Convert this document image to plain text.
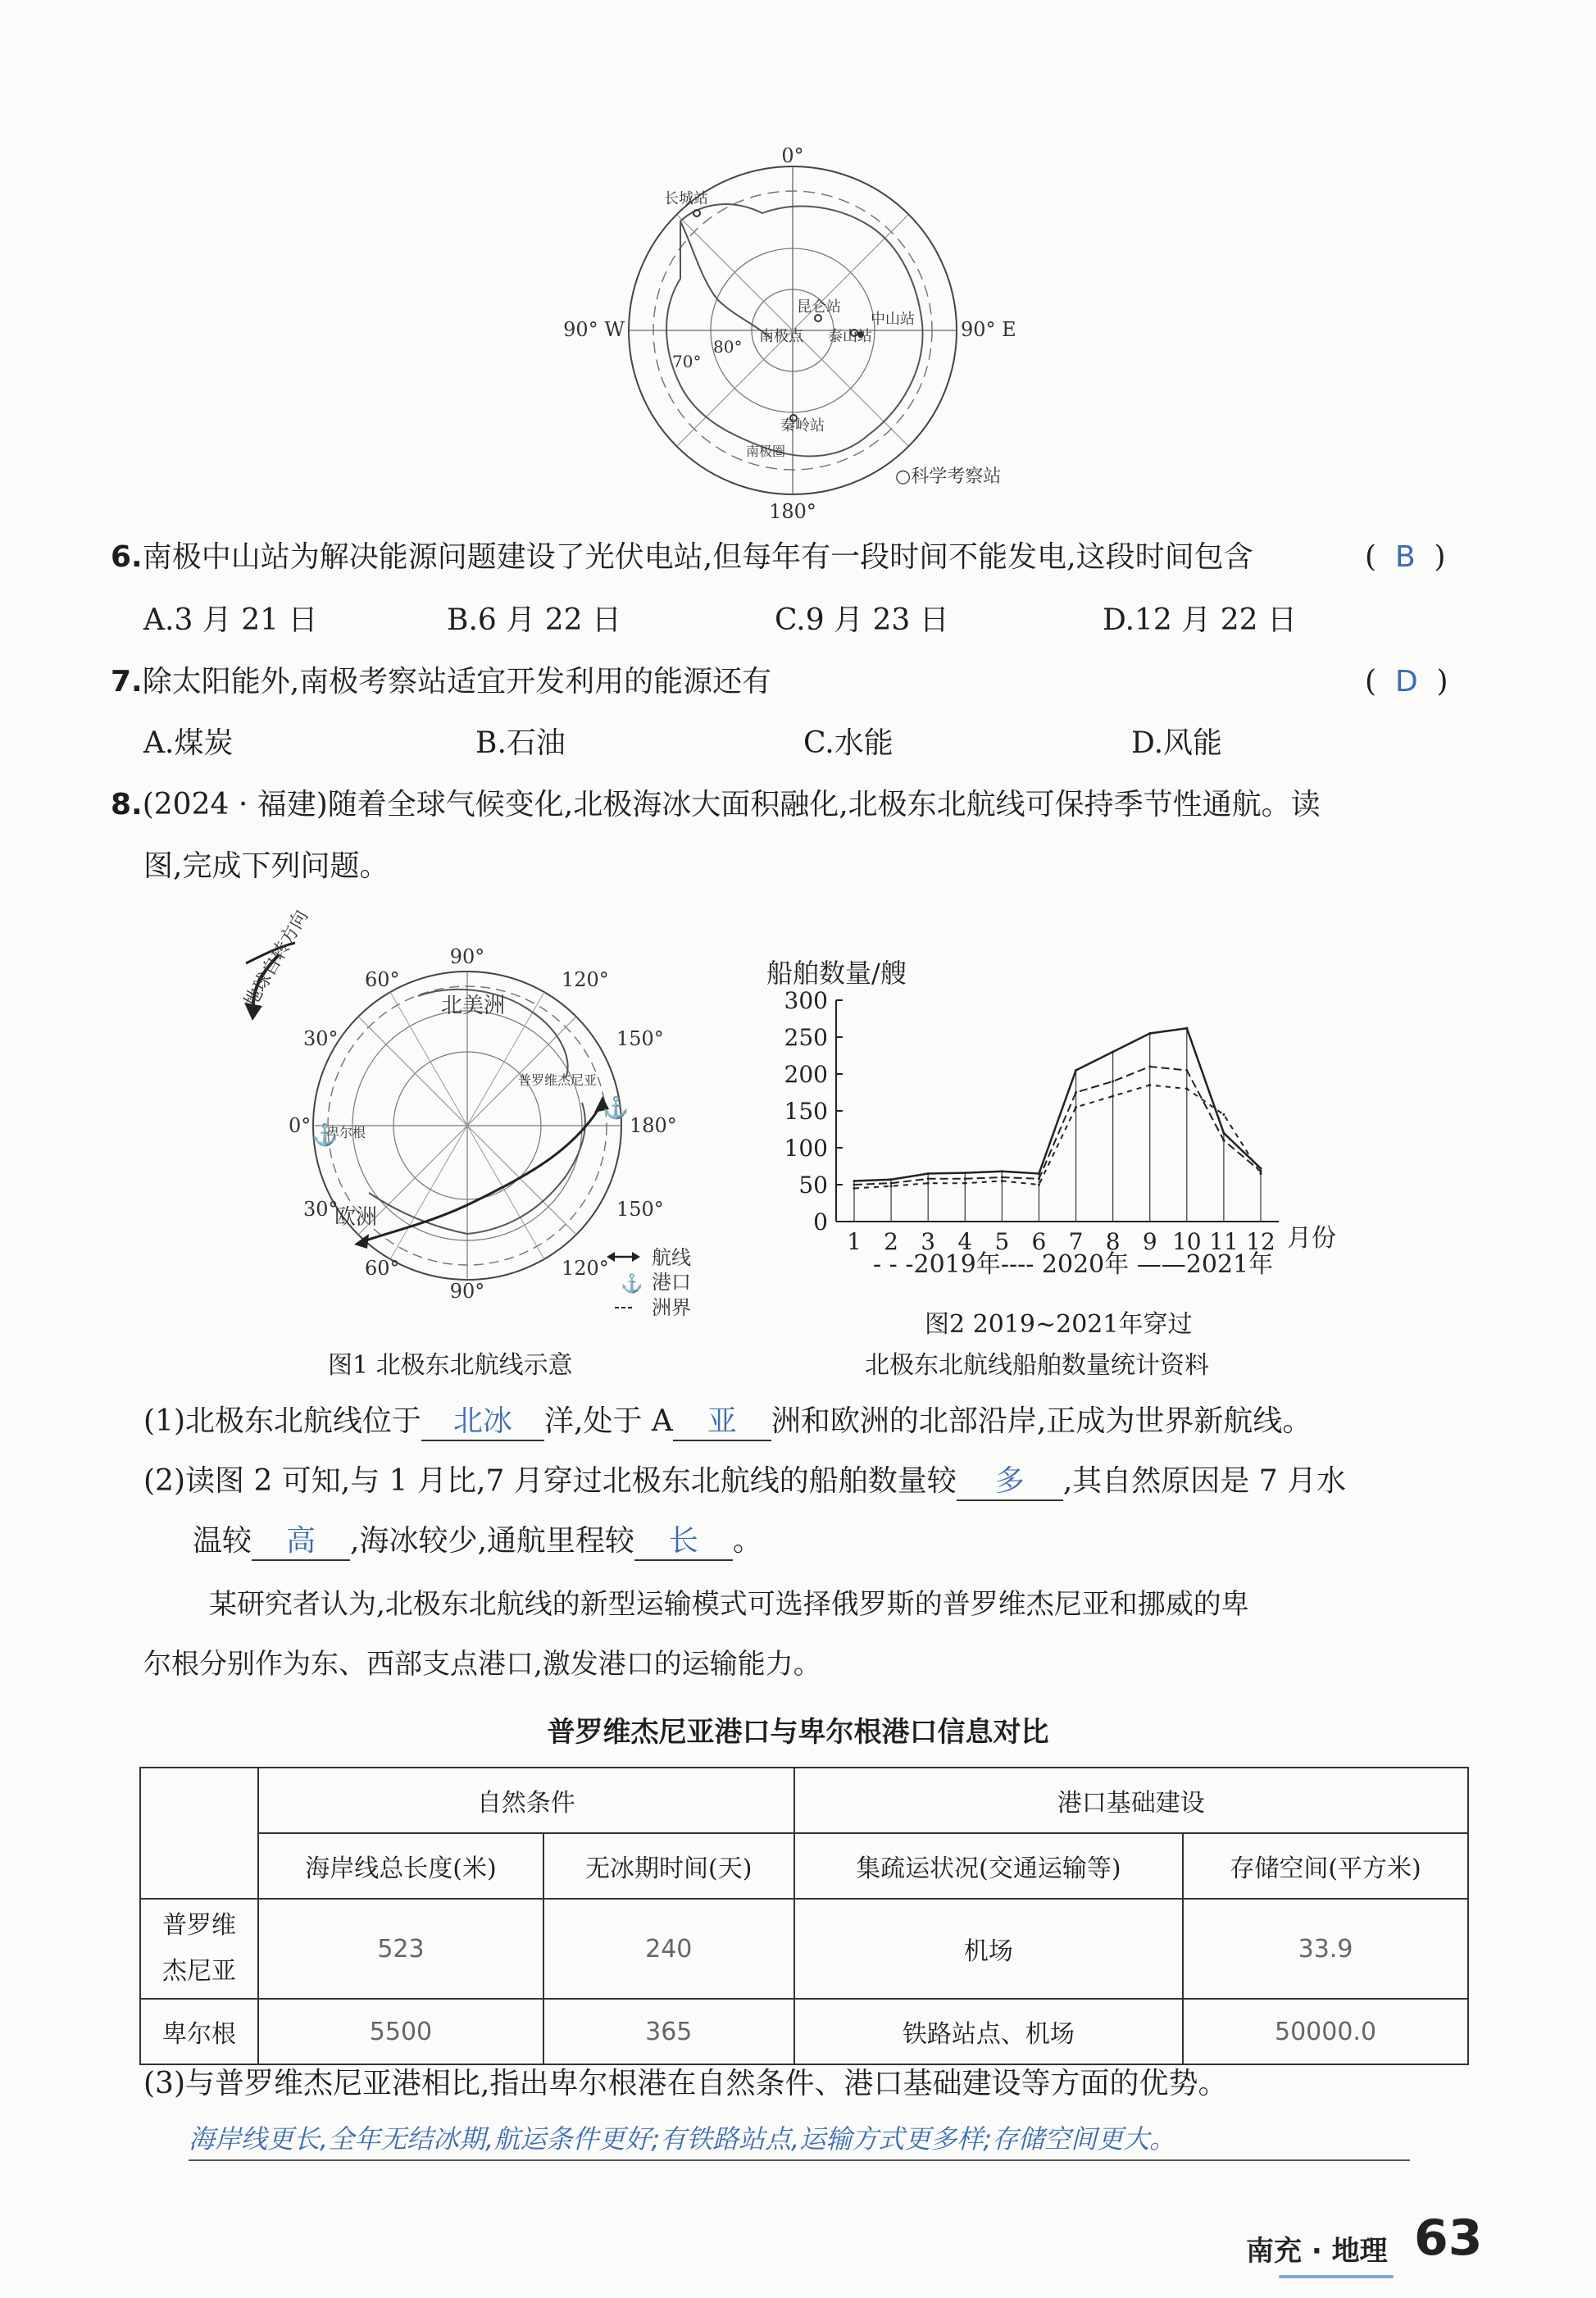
0°
180°
90° W	90° E
70°
80°
长城站
昆仑站
中山站
泰山站
南极点
秦岭站
南极圈
○科学考察站
6.南极中山站为解决能源问题建设了光伏电站,但每年有一段时间不能发电,这段时间包含	(  B  )
A.3 月 21 日	B.6 月 22 日	C.9 月 23 日	D.12 月 22 日
7.除太阳能外,南极考察站适宜开发利用的能源还有	(  D  )
A.煤炭	B.石油	C.水能	D.风能
8.(2024 · 福建)随着全球气候变化,北极海冰大面积融化,北极东北航线可保持季节性通航。读
图,完成下列问题。
⚓
⚓
地球自转方向	90°
120°
150°
180°
150°
120°
90°
60°
30°
0°
30°
60°
北美洲
欧洲
普罗维杰尼亚
卑尔根
⚓
航线
港口
洲界
图1 北极东北航线示意
船舶数量/艘
0
50
100
150
200
250
300
1 2 3 4 5 6 7 8 9 10 11 12 月份
- - -2019年---- 2020年 ——2021年
图2 2019~2021年穿过
北极东北航线船舶数量统计资料
(1)北极东北航线位于 北冰 洋,处于 A 亚 洲和欧洲的北部沿岸,正成为世界新航线。
(2)读图 2 可知,与 1 月比,7 月穿过北极东北航线的船舶数量较 多 ,其自然原因是 7 月水
温较 高 ,海冰较少,通航里程较 长 。
某研究者认为,北极东北航线的新型运输模式可选择俄罗斯的普罗维杰尼亚和挪威的卑
尔根分别作为东、西部支点港口,激发港口的运输能力。
普罗维杰尼亚港口与卑尔根港口信息对比
	自然条件		港口基础建设	
	海岸线总长度(米)	无冰期时间(天)	集疏运状况(交通运输等)	存储空间(平方米)
普罗维
杰尼亚	523	240	机场	33.9
卑尔根	5500	365	铁路站点、机场	50000.0
(3)与普罗维杰尼亚港相比,指出卑尔根港在自然条件、港口基础建设等方面的优势。
海岸线更长,全年无结冰期,航运条件更好;有铁路站点,运输方式更多样;存储空间更大。
南充 · 地理 63
